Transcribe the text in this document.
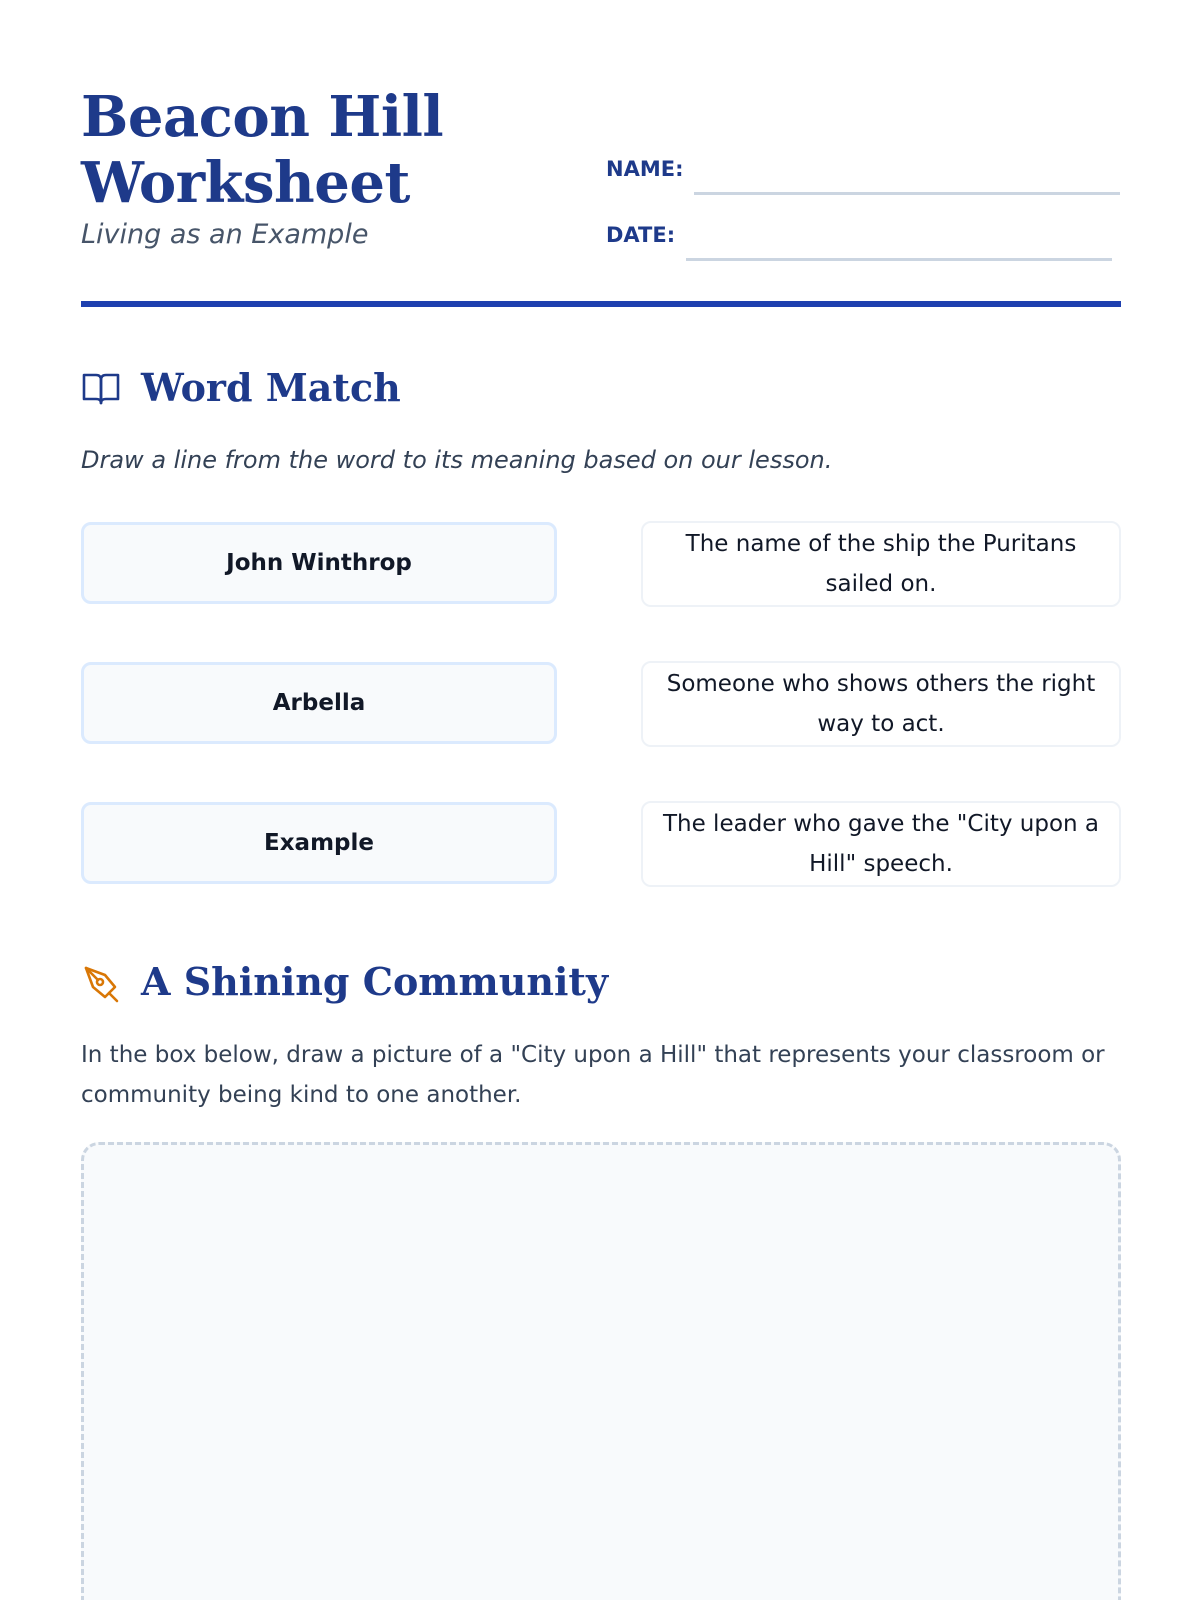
Beacon Hill
Worksheet
Living as an Example
NAME:
DATE:
Word Match
Draw a line from the word to its meaning based on our lesson.
John Winthrop
Arbella
Example
The name of the ship the Puritans sailed on.
Someone who shows others the right way to act.
The leader who gave the "City upon a Hill" speech.
A Shining Community
In the box below, draw a picture of a "City upon a Hill" that represents your classroom or community being kind to one another.
